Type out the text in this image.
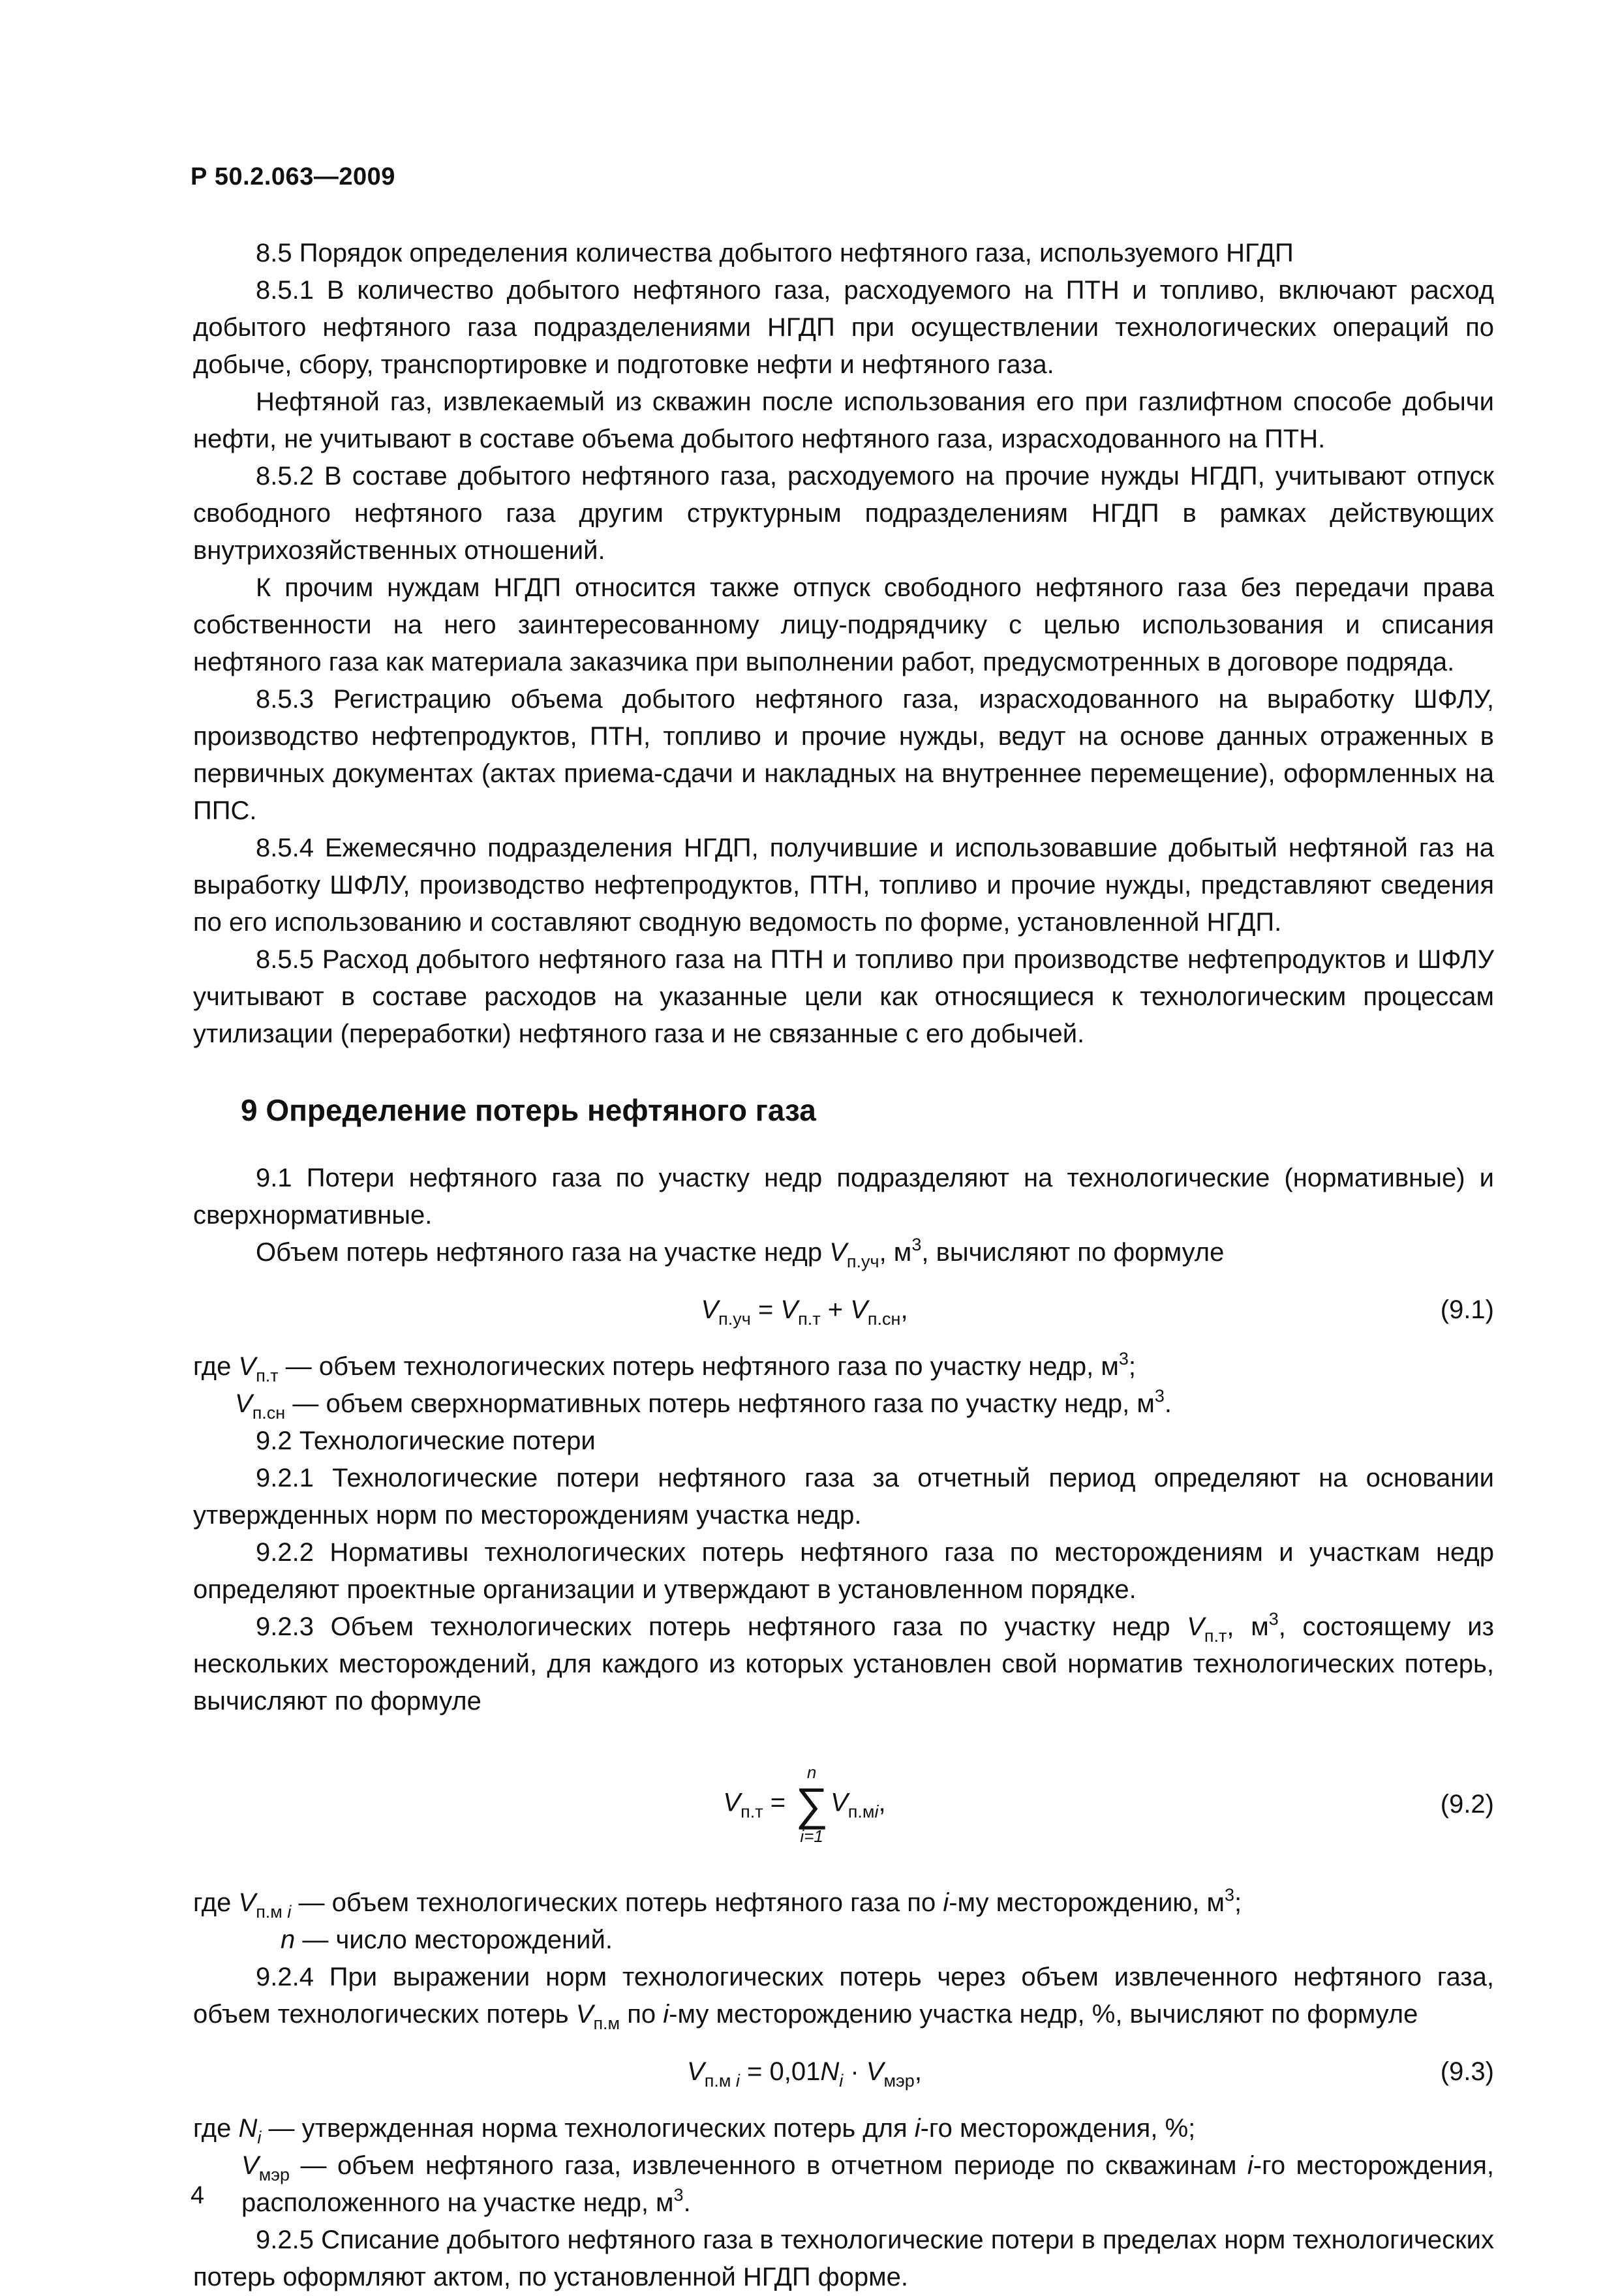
Р 50.2.063—2009

8.5 Порядок определения количества добытого нефтяного газа, используемого НГДП

8.5.1 В количество добытого нефтяного газа, расходуемого на ПТН и топливо, включают расход добытого нефтяного газа подразделениями НГДП при осуществлении технологических операций по добыче, сбору, транспортировке и подготовке нефти и нефтяного газа.

Нефтяной газ, извлекаемый из скважин после использования его при газлифтном способе добычи нефти, не учитывают в составе объема добытого нефтяного газа, израсходованного на ПТН.

8.5.2 В составе добытого нефтяного газа, расходуемого на прочие нужды НГДП, учитывают отпуск свободного нефтяного газа другим структурным подразделениям НГДП в рамках действующих внутрихозяйственных отношений.

К прочим нуждам НГДП относится также отпуск свободного нефтяного газа без передачи права собственности на него заинтересованному лицу-подрядчику с целью использования и списания нефтяного газа как материала заказчика при выполнении работ, предусмотренных в договоре подряда.

8.5.3 Регистрацию объема добытого нефтяного газа, израсходованного на выработку ШФЛУ, производство нефтепродуктов, ПТН, топливо и прочие нужды, ведут на основе данных отраженных в первичных документах (актах приема-сдачи и накладных на внутреннее перемещение), оформленных на ППС.

8.5.4 Ежемесячно подразделения НГДП, получившие и использовавшие добытый нефтяной газ на выработку ШФЛУ, производство нефтепродуктов, ПТН, топливо и прочие нужды, представляют сведения по его использованию и составляют сводную ведомость по форме, установленной НГДП.

8.5.5 Расход добытого нефтяного газа на ПТН и топливо при производстве нефтепродуктов и ШФЛУ учитывают в составе расходов на указанные цели как относящиеся к технологическим процессам утилизации (переработки) нефтяного газа и не связанные с его добычей.

9 Определение потерь нефтяного газа

9.1 Потери нефтяного газа по участку недр подразделяют на технологические (нормативные) и сверхнормативные.

Объем потерь нефтяного газа на участке недр $V_{п.уч}$, $м^3$, вычисляют по формуле

$V_{п.уч} = V_{п.т} + V_{п.сн}$,	(9.1)

где $V_{п.т}$ — объем технологических потерь нефтяного газа по участку недр, $м^3$;

$V_{п.сн}$ — объем сверхнормативных потерь нефтяного газа по участку недр, $м^3$.

9.2 Технологические потери

9.2.1 Технологические потери нефтяного газа за отчетный период определяют на основании утвержденных норм по месторождениям участка недр.

9.2.2 Нормативы технологических потерь нефтяного газа по месторождениям и участкам недр определяют проектные организации и утверждают в установленном порядке.

9.2.3 Объем технологических потерь нефтяного газа по участку недр $V_{п.т}$, $м^3$, состоящему из нескольких месторождений, для каждого из которых установлен свой норматив технологических потерь, вычисляют по формуле

$V_{п.т}$ =
n
∑
i=1
$V_{п.мi}$,	(9.2)

где $V_{п.м i}$ — объем технологических потерь нефтяного газа по i-му месторождению, $м^3$;

n — число месторождений.

9.2.4 При выражении норм технологических потерь через объем извлеченного нефтяного газа, объем технологических потерь $V_{п.м}$ по i-му месторождению участка недр, %, вычисляют по формуле

$V_{п.м i} = 0,01N_i \cdot V_{мэр}$,	(9.3)

где $N_i$ — утвержденная норма технологических потерь для i-го месторождения, %;

$V_{мэр}$ — объем нефтяного газа, извлеченного в отчетном периоде по скважинам i-го месторождения, расположенного на участке недр, $м^3$.

9.2.5 Списание добытого нефтяного газа в технологические потери в пределах норм технологических потерь оформляют актом, по установленной НГДП форме.

4
